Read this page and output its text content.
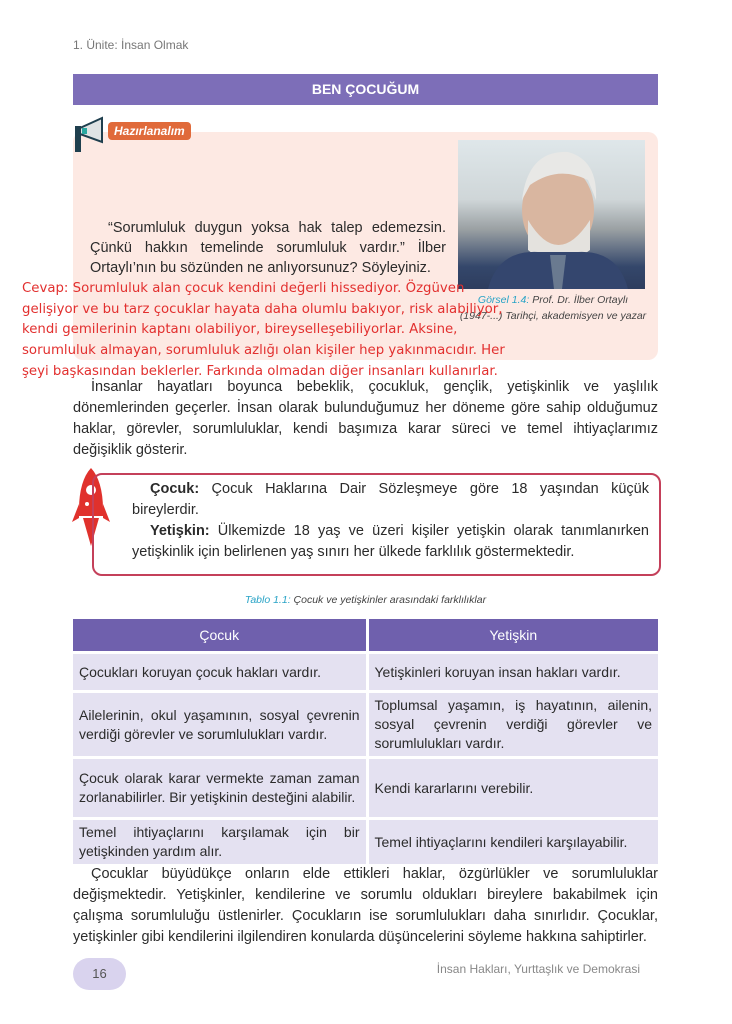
1. Ünite: İnsan Olmak
BEN ÇOCUĞUM
Hazırlanalım
“Sorumluluk duygun yoksa hak talep edemezsin. Çünkü hakkın temelinde sorumluluk vardır.” İlber Ortaylı’nın bu sözünden ne anlıyorsunuz? Söyleyiniz.
Görsel 1.4: Prof. Dr. İlber Ortaylı (1947-...) Tarihçi, akademisyen ve yazar
Cevap: Sorumluluk alan çocuk kendini değerli hissediyor. Özgüven gelişiyor ve bu tarz çocuklar hayata daha olumlu bakıyor, risk alabiliyor, kendi gemilerinin kaptanı olabiliyor, bireyselleşebiliyorlar. Aksine, sorumluluk almayan, sorumluluk azlığı olan kişiler hep yakınmacıdır. Her şeyi başkasından beklerler. Farkında olmadan diğer insanları kullanırlar.
İnsanlar hayatları boyunca bebeklik, çocukluk, gençlik, yetişkinlik ve yaşlılık dönemlerinden geçerler. İnsan olarak bulunduğumuz her döneme göre sahip olduğumuz haklar, görevler, sorumluluklar, kendi başımıza karar süreci ve temel ihtiyaçlarımız değişiklik gösterir.

Çocuk: Çocuk Haklarına Dair Sözleşmeye göre 18 yaşından küçük bireylerdir.

Yetişkin: Ülkemizde 18 yaş ve üzeri kişiler yetişkin olarak tanımlanırken yetişkinlik için belirlenen yaş sınırı her ülkede farklılık göstermektedir.

Tablo 1.1: Çocuk ve yetişkinler arasındaki farklılıklar
Çocuk	Yetişkin
Çocukları koruyan çocuk hakları vardır.	Yetişkinleri koruyan insan hakları vardır.
Ailelerinin, okul yaşamının, sosyal çevrenin verdiği görevler ve sorumlulukları vardır.	Toplumsal yaşamın, iş hayatının, ailenin, sosyal çevrenin verdiği görevler ve sorumlulukları vardır.
Çocuk olarak karar vermekte zaman zaman zorlanabilirler. Bir yetişkinin desteğini alabilir.	Kendi kararlarını verebilir.
Temel ihtiyaçlarını karşılamak için bir yetişkinden yardım alır.	Temel ihtiyaçlarını kendileri karşılayabilir.
Çocuklar büyüdükçe onların elde ettikleri haklar, özgürlükler ve sorumluluklar değişmektedir. Yetişkinler, kendilerine ve sorumlu oldukları bireylere bakabilmek için çalışma sorumluluğu üstlenirler. Çocukların ise sorumlulukları daha sınırlıdır. Çocuklar, yetişkinler gibi kendilerini ilgilendiren konularda düşüncelerini söyleme hakkına sahiptirler.
16	İnsan Hakları, Yurttaşlık ve Demokrasi
